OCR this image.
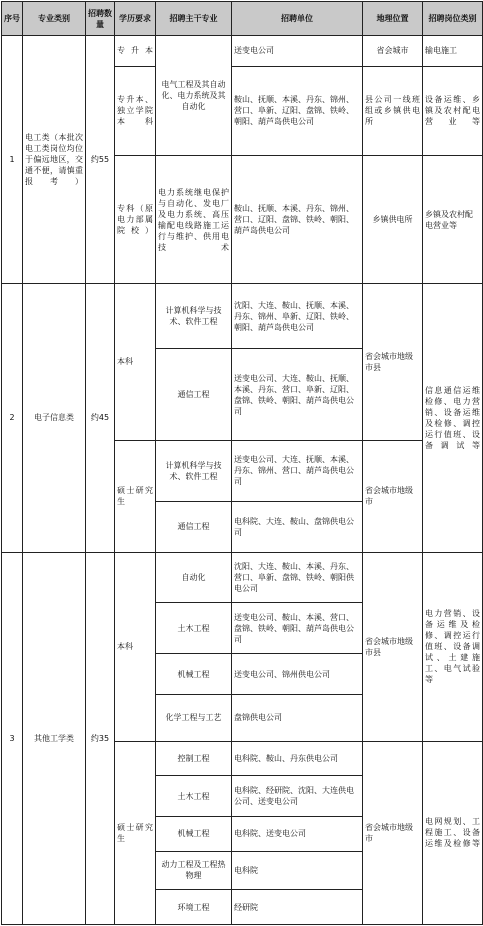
序号	专业类别	招聘数量	学历要求	招聘主干专业	招聘单位	地理位置	招聘岗位类别
1	电工类（本批次电工类岗位均位于偏远地区，交通不便，请慎重报考）	约55	专升本	电气工程及其自动化、电力系统及其自动化	送变电公司	省会城市	输电施工
			专升本、独立学院本科		鞍山、抚顺、本溪、丹东、锦州、营口、阜新、辽阳、盘锦、铁岭、朝阳、葫芦岛供电公司	县公司一线班组或乡镇供电所	设备运维、乡镇及农村配电营业等
			专科（原电力部属院校）	电力系统继电保护与自动化、发电厂及电力系统、高压输配电线路施工运行与维护、供用电技术	鞍山、抚顺、本溪、丹东、锦州、营口、辽阳、盘锦、铁岭、朝阳、葫芦岛供电公司	乡镇供电所	乡镇及农村配电营业等
2	电子信息类	约45	本科	计算机科学与技术、软件工程	沈阳、大连、鞍山、抚顺、本溪、丹东、锦州、阜新、辽阳、铁岭、朝阳、葫芦岛供电公司	省会城市地级市县	信息通信运维检修、电力营销、设备运维及检修、调控运行值班、设备调试等
				通信工程	送变电公司、大连、鞍山、抚顺、本溪、丹东、营口、阜新、辽阳、盘锦、铁岭、朝阳、葫芦岛供电公司		
			硕士研究生	计算机科学与技术、软件工程	送变电公司、大连、抚顺、本溪、丹东、锦州、营口、葫芦岛供电公司	省会城市地级市	
				通信工程	电科院、大连、鞍山、盘锦供电公司		
3	其他工学类	约35	本科	自动化	沈阳、大连、鞍山、本溪、丹东、营口、阜新、盘锦、铁岭、朝阳供电公司	省会城市地级市县	电力营销、设备运维及检修、调控运行值班、设备调试、土建施工、电气试验等
				土木工程	送变电公司、鞍山、本溪、营口、盘锦、铁岭、朝阳、葫芦岛供电公司		
				机械工程	送变电公司、锦州供电公司		
				化学工程与工艺	盘锦供电公司		
			硕士研究生	控制工程	电科院、鞍山、丹东供电公司	省会城市地级市	电网规划、工程施工、设备运维及检修等
				土木工程	电科院、经研院、沈阳、大连供电公司、送变电公司		
				机械工程	电科院、送变电公司		
				动力工程及工程热物理	电科院		
				环境工程	经研院		
